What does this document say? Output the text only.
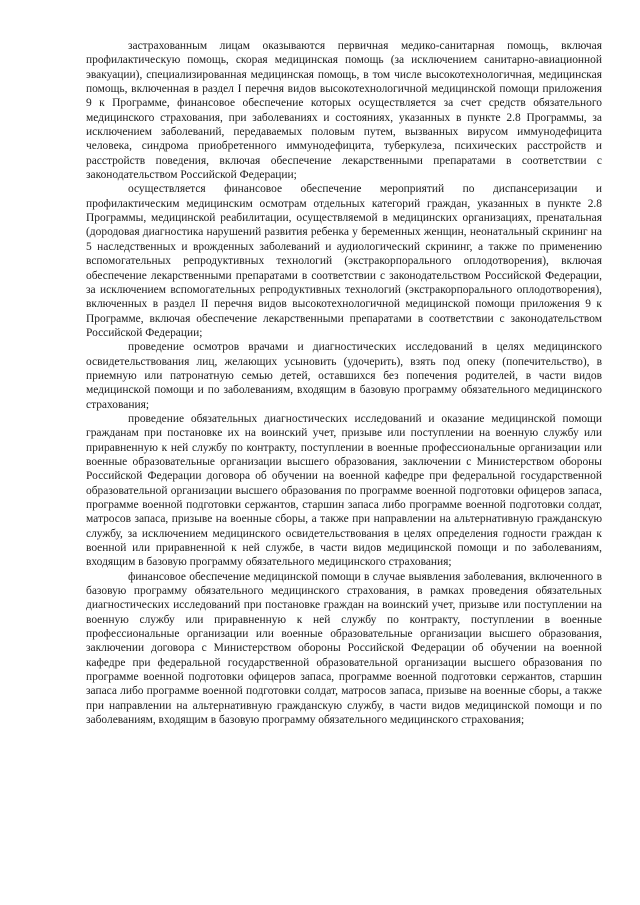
застрахованным лицам оказываются первичная медико-санитарная помощь, включая профилактическую помощь, скорая медицинская помощь (за исключением санитарно-авиационной эвакуации), специализированная медицинская помощь, в том числе высокотехнологичная, медицинская помощь, включенная в раздел I перечня видов высокотехнологичной медицинской помощи приложения 9 к Программе, финансовое обеспечение которых осуществляется за счет средств обязательного медицинского страхования, при заболеваниях и состояниях, указанных в пункте 2.8 Программы, за исключением заболеваний, передаваемых половым путем, вызванных вирусом иммунодефицита человека, синдрома приобретенного иммунодефицита, туберкулеза, психических расстройств и расстройств поведения, включая обеспечение лекарственными препаратами в соответствии с законодательством Российской Федерации;

осуществляется финансовое обеспечение мероприятий по диспансеризации и профилактическим медицинским осмотрам отдельных категорий граждан, указанных в пункте 2.8 Программы, медицинской реабилитации, осуществляемой в медицинских организациях, пренатальная (дородовая диагностика нарушений развития ребенка у беременных женщин, неонатальный скрининг на 5 наследственных и врожденных заболеваний и аудиологический скрининг, а также по применению вспомогательных репродуктивных технологий (экстракорпорального оплодотворения), включая обеспечение лекарственными препаратами в соответствии с законодательством Российской Федерации, за исключением вспомогательных репродуктивных технологий (экстракорпорального оплодотворения), включенных в раздел II перечня видов высокотехнологичной медицинской помощи приложения 9 к Программе, включая обеспечение лекарственными препаратами в соответствии с законодательством Российской Федерации;

проведение осмотров врачами и диагностических исследований в целях медицинского освидетельствования лиц, желающих усыновить (удочерить), взять под опеку (попечительство), в приемную или патронатную семью детей, оставшихся без попечения родителей, в части видов медицинской помощи и по заболеваниям, входящим в базовую программу обязательного медицинского страхования;

проведение обязательных диагностических исследований и оказание медицинской помощи гражданам при постановке их на воинский учет, призыве или поступлении на военную службу или приравненную к ней службу по контракту, поступлении в военные профессиональные организации или военные образовательные организации высшего образования, заключении с Министерством обороны Российской Федерации договора об обучении на военной кафедре при федеральной государственной образовательной организации высшего образования по программе военной подготовки офицеров запаса, программе военной подготовки сержантов, старшин запаса либо программе военной подготовки солдат, матросов запаса, призыве на военные сборы, а также при направлении на альтернативную гражданскую службу, за исключением медицинского освидетельствования в целях определения годности граждан к военной или приравненной к ней службе, в части видов медицинской помощи и по заболеваниям, входящим в базовую программу обязательного медицинского страхования;

финансовое обеспечение медицинской помощи в случае выявления заболевания, включенного в базовую программу обязательного медицинского страхования, в рамках проведения обязательных диагностических исследований при постановке граждан на воинский учет, призыве или поступлении на военную службу или приравненную к ней службу по контракту, поступлении в военные профессиональные организации или военные образовательные организации высшего образования, заключении договора с Министерством обороны Российской Федерации об обучении на военной кафедре при федеральной государственной образовательной организации высшего образования по программе военной подготовки офицеров запаса, программе военной подготовки сержантов, старшин запаса либо программе военной подготовки солдат, матросов запаса, призыве на военные сборы, а также при направлении на альтернативную гражданскую службу, в части видов медицинской помощи и по заболеваниям, входящим в базовую программу обязательного медицинского страхования;
